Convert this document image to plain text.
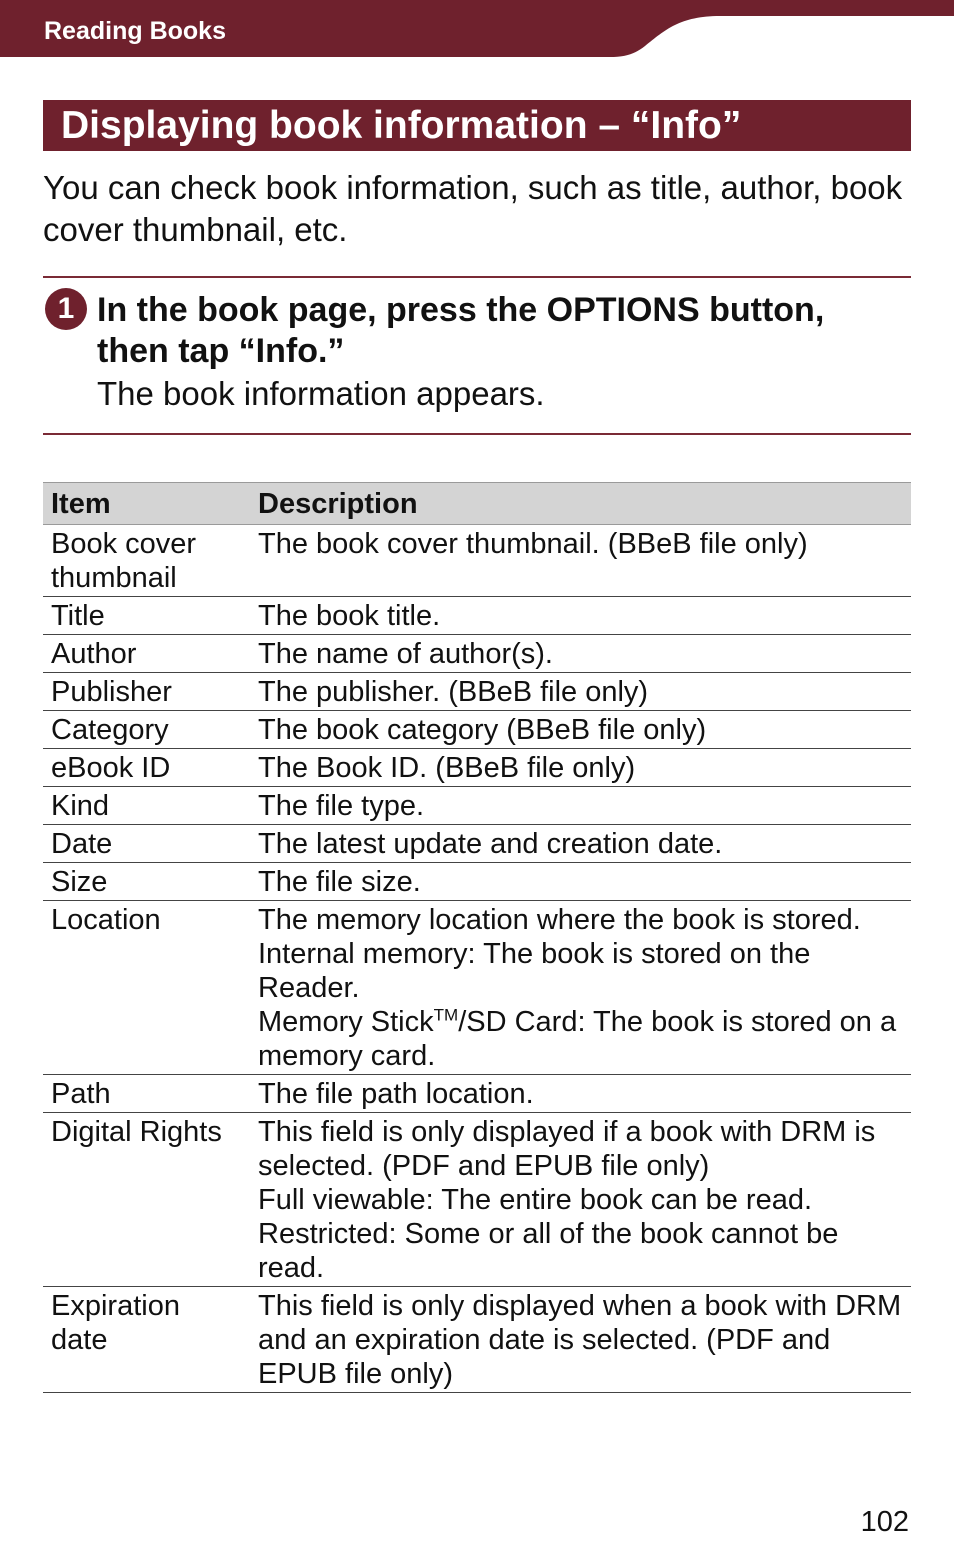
Reading Books
Displaying book information – “Info”

You can check book information, such as title, author, book cover thumbnail, etc.

1 In the book page, press the OPTIONS button, then tap “Info.”

The book information appears.

Item	Description
Book cover thumbnail	The book cover thumbnail. (BBeB file only)

Title	The book title.

Author	The name of author(s).

Publisher	The publisher. (BBeB file only)

Category	The book category (BBeB file only)

eBook ID	The Book ID. (BBeB file only)

Kind	The file type.

Date	The latest update and creation date.

Size	The file size.

Location	The memory location where the book is stored.
Internal memory: The book is stored on the Reader.
Memory Stick™/SD Card: The book is stored on a memory card.

Path	The file path location.

Digital Rights	This field is only displayed if a book with DRM is selected. (PDF and EPUB file only)
Full viewable: The entire book can be read.
Restricted: Some or all of the book cannot be read.

Expiration date	This field is only displayed when a book with DRM and an expiration date is selected. (PDF and EPUB file only)
102
